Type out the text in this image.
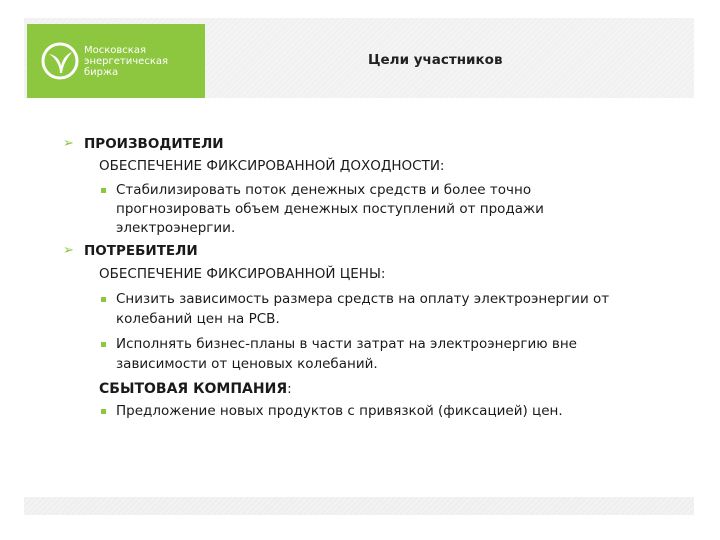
Московская
энергетическая
биржа
Цели участников
➢ ПРОИЗВОДИТЕЛИ
ОБЕСПЕЧЕНИЕ ФИКСИРОВАННОЙ ДОХОДНОСТИ:
Стабилизировать поток денежных средств и более точно
прогнозировать объем денежных поступлений от продажи
электроэнергии.
➢ ПОТРЕБИТЕЛИ
ОБЕСПЕЧЕНИЕ ФИКСИРОВАННОЙ ЦЕНЫ:
Снизить зависимость размера средств на оплату электроэнергии от
колебаний цен на РСВ.
Исполнять бизнес-планы в части затрат на электроэнергию вне
зависимости от ценовых колебаний.
СБЫТОВАЯ КОМПАНИЯ:
Предложение новых продуктов с привязкой (фиксацией) цен.
